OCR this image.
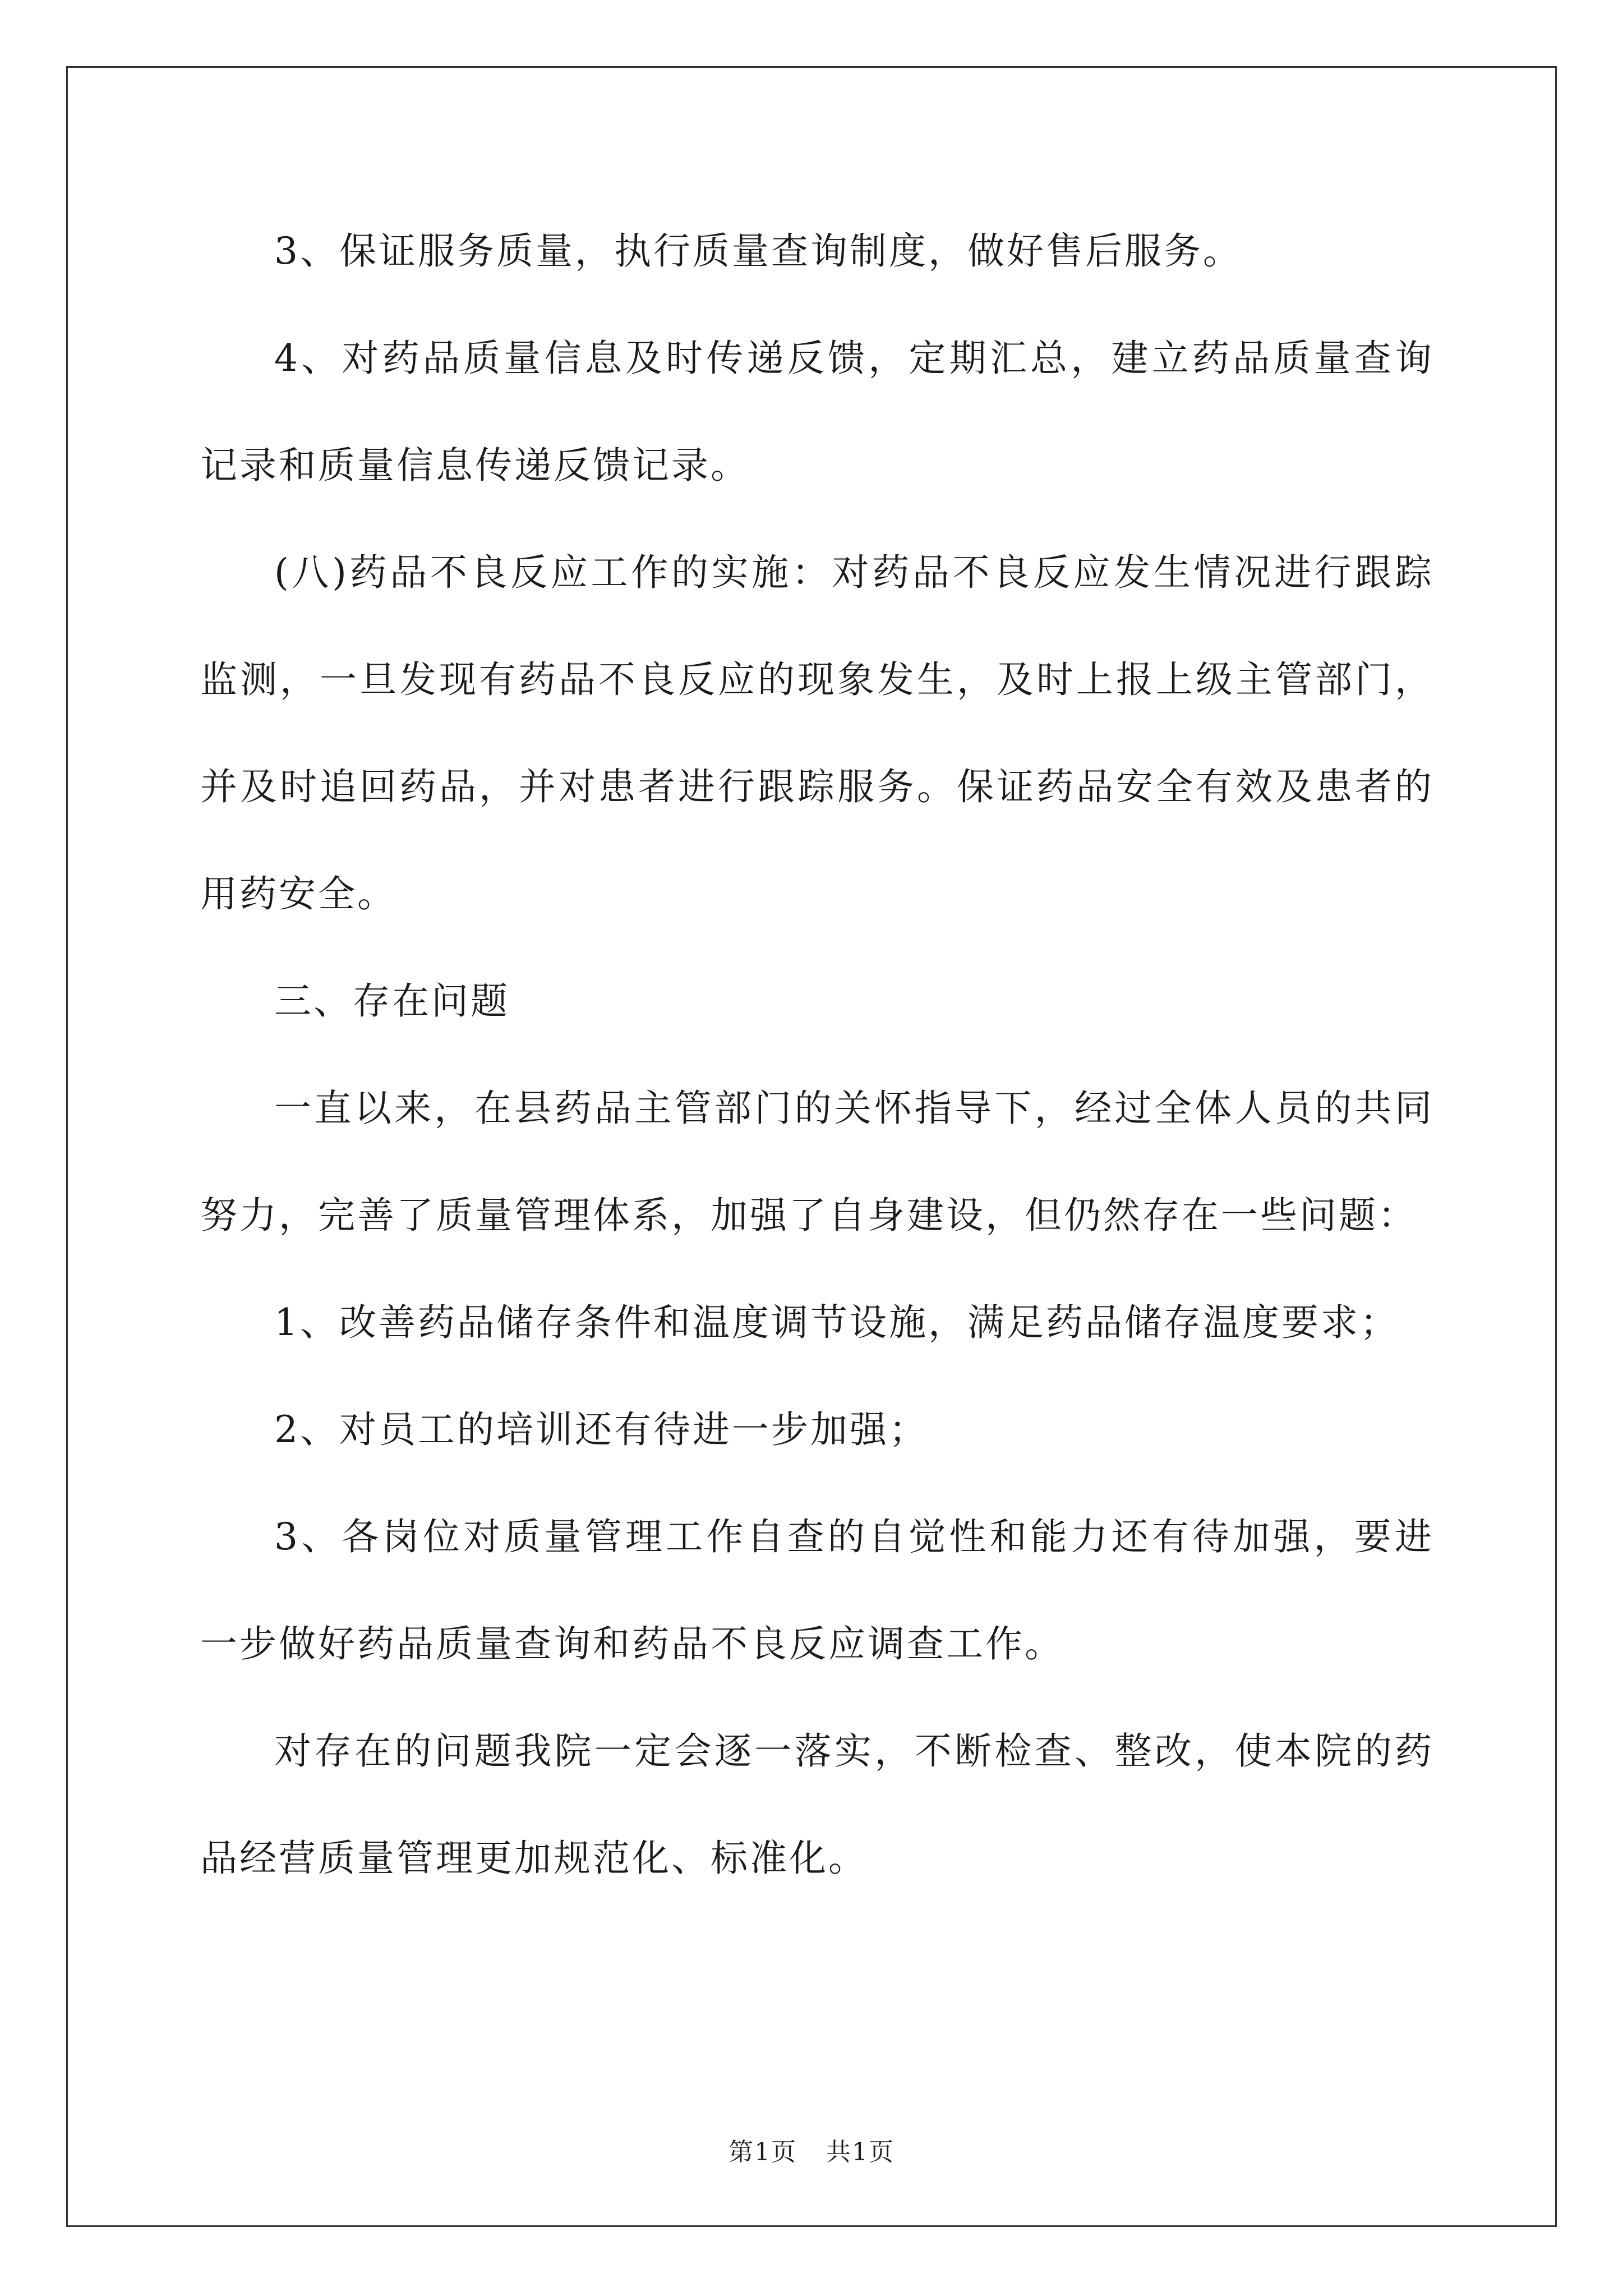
3、保证服务质量，执行质量查询制度，做好售后服务。

4、对药品质量信息及时传递反馈，定期汇总，建立药品质量查询记录和质量信息传递反馈记录。

(八)药品不良反应工作的实施：对药品不良反应发生情况进行跟踪监测，一旦发现有药品不良反应的现象发生，及时上报上级主管部门，并及时追回药品，并对患者进行跟踪服务。保证药品安全有效及患者的用药安全。

三、存在问题

一直以来，在县药品主管部门的关怀指导下，经过全体人员的共同努力，完善了质量管理体系，加强了自身建设，但仍然存在一些问题：

1、改善药品储存条件和温度调节设施，满足药品储存温度要求；

2、对员工的培训还有待进一步加强；

3、各岗位对质量管理工作自查的自觉性和能力还有待加强，要进一步做好药品质量查询和药品不良反应调查工作。

对存在的问题我院一定会逐一落实，不断检查、整改，使本院的药品经营质量管理更加规范化、标准化。

第1页 共1页
